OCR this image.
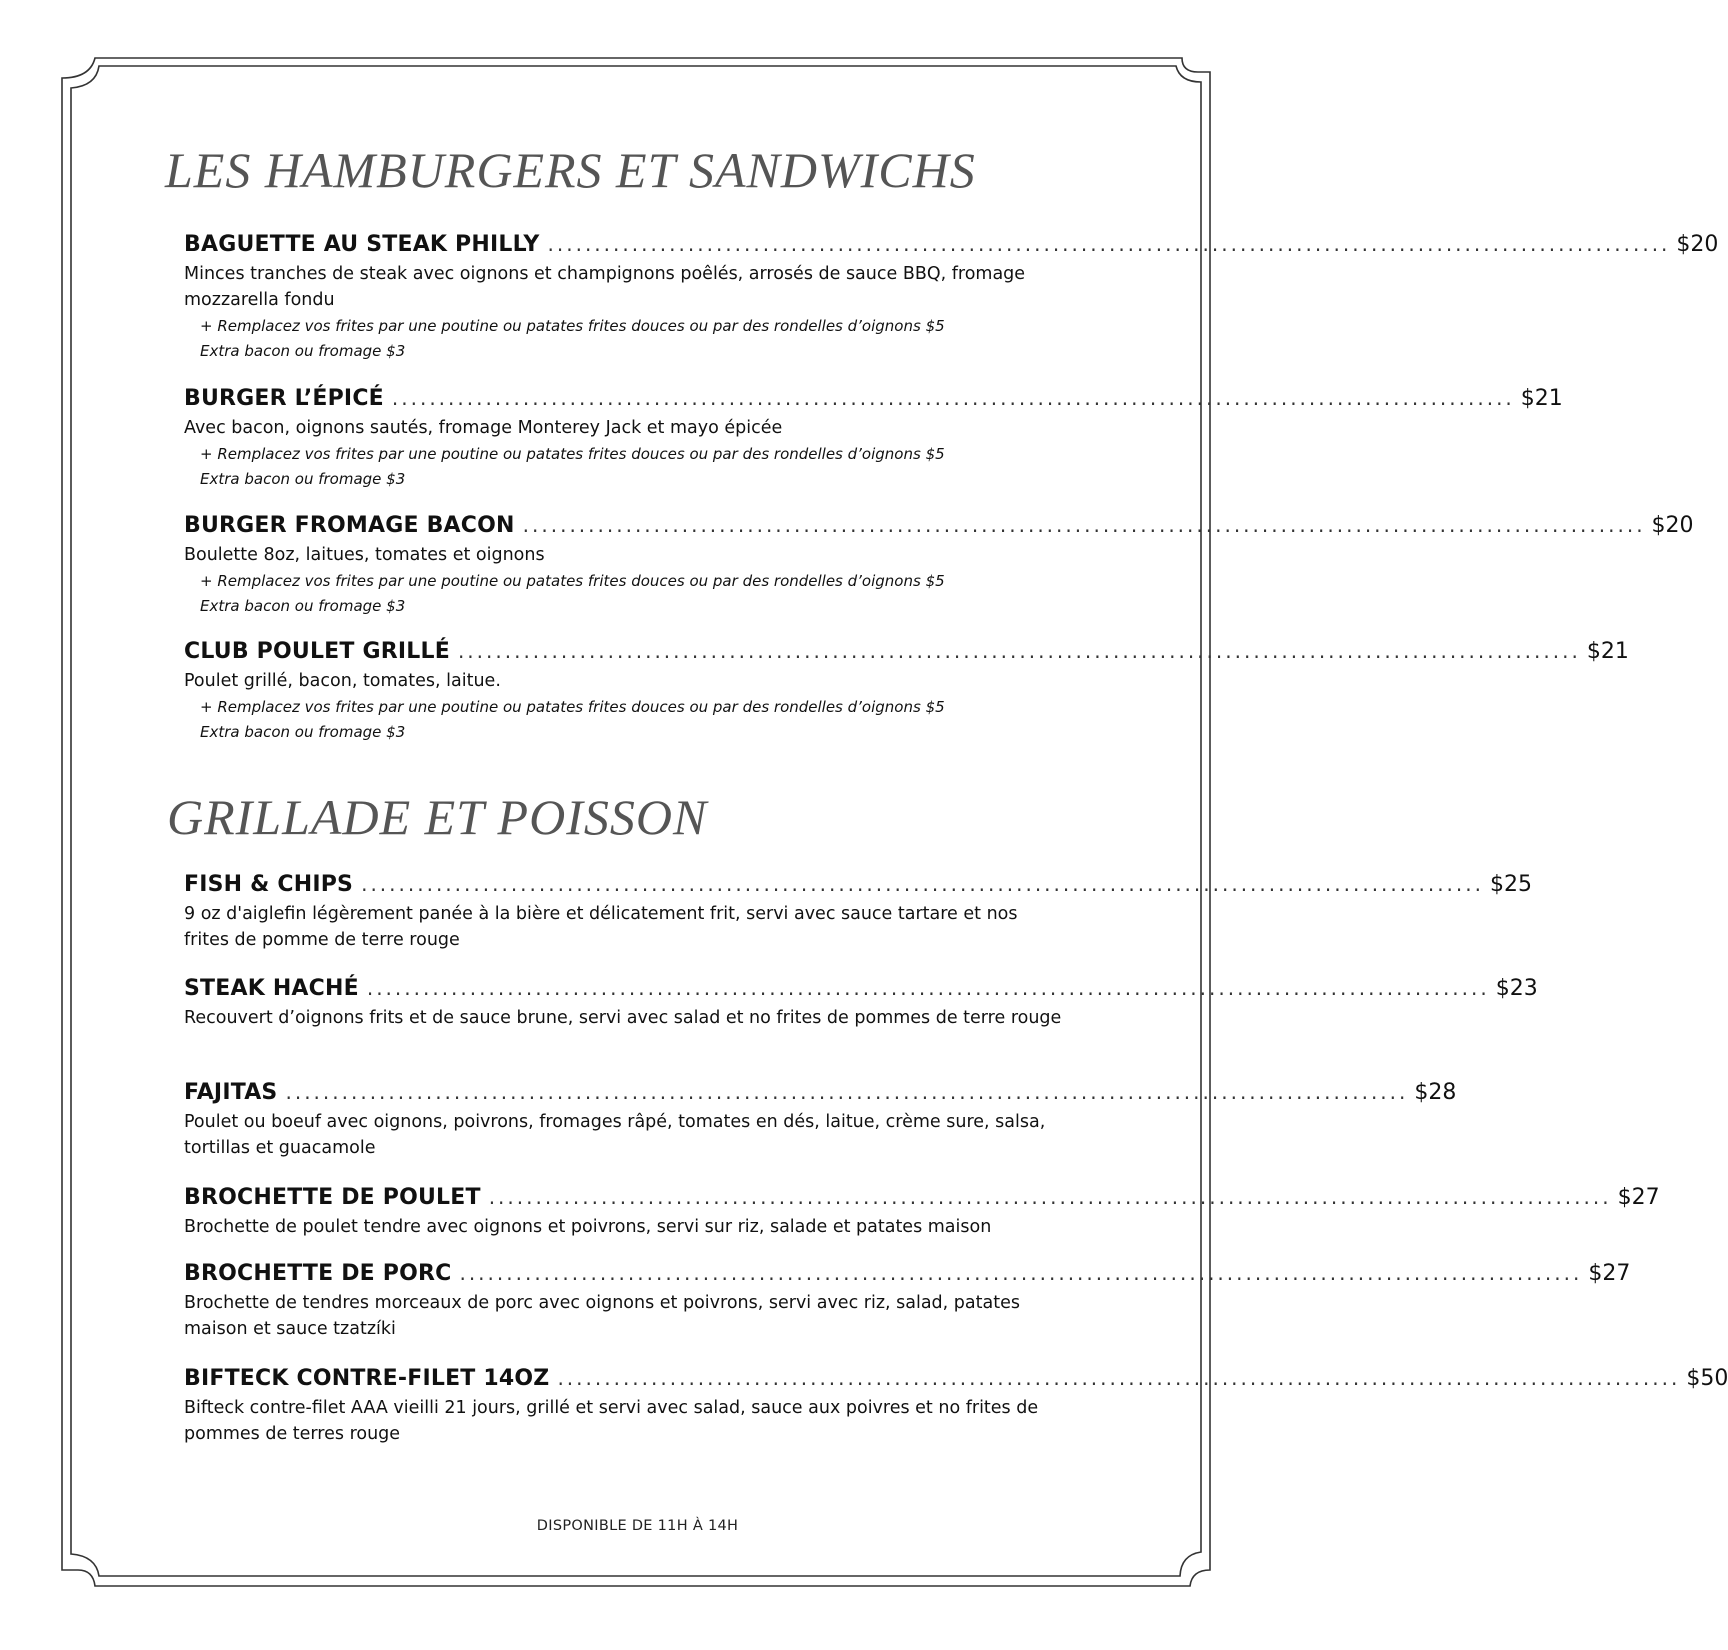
LES HAMBURGERS ET SANDWICHS
BAGUETTE AU STEAK PHILLY ........................................................................................................................ $20
Minces tranches de steak avec oignons et champignons poêlés, arrosés de sauce BBQ, fromage mozzarella fondu
+ Remplacez vos frites par une poutine ou patates frites douces ou par des rondelles d’oignons $5
Extra bacon ou fromage $3
BURGER L’ÉPICÉ ........................................................................................................................ $21
Avec bacon, oignons sautés, fromage Monterey Jack et mayo épicée
+ Remplacez vos frites par une poutine ou patates frites douces ou par des rondelles d’oignons $5
Extra bacon ou fromage $3
BURGER FROMAGE BACON ........................................................................................................................ $20
Boulette 8oz, laitues, tomates et oignons
+ Remplacez vos frites par une poutine ou patates frites douces ou par des rondelles d’oignons $5
Extra bacon ou fromage $3
CLUB POULET GRILLÉ ........................................................................................................................ $21
Poulet grillé, bacon, tomates, laitue.
+ Remplacez vos frites par une poutine ou patates frites douces ou par des rondelles d’oignons $5
Extra bacon ou fromage $3
GRILLADE ET POISSON
FISH & CHIPS ........................................................................................................................ $25
9 oz d'aiglefin légèrement panée à la bière et délicatement frit, servi avec sauce tartare et nos frites de pomme de terre rouge
STEAK HACHÉ ........................................................................................................................ $23
Recouvert d’oignons frits et de sauce brune, servi avec salad et no frites de pommes de terre rouge
FAJITAS ........................................................................................................................ $28
Poulet ou boeuf avec oignons, poivrons, fromages râpé, tomates en dés, laitue, crème sure, salsa, tortillas et guacamole
BROCHETTE DE POULET ........................................................................................................................ $27
Brochette de poulet tendre avec oignons et poivrons, servi sur riz, salade et patates maison
BROCHETTE DE PORC ........................................................................................................................ $27
Brochette de tendres morceaux de porc avec oignons et poivrons, servi avec riz, salad, patates maison et sauce tzatzíki
BIFTECK CONTRE-FILET 14OZ ........................................................................................................................ $50
Bifteck contre-filet AAA vieilli 21 jours, grillé et servi avec salad, sauce aux poivres et no frites de pommes de terres rouge
DISPONIBLE DE 11H À 14H
